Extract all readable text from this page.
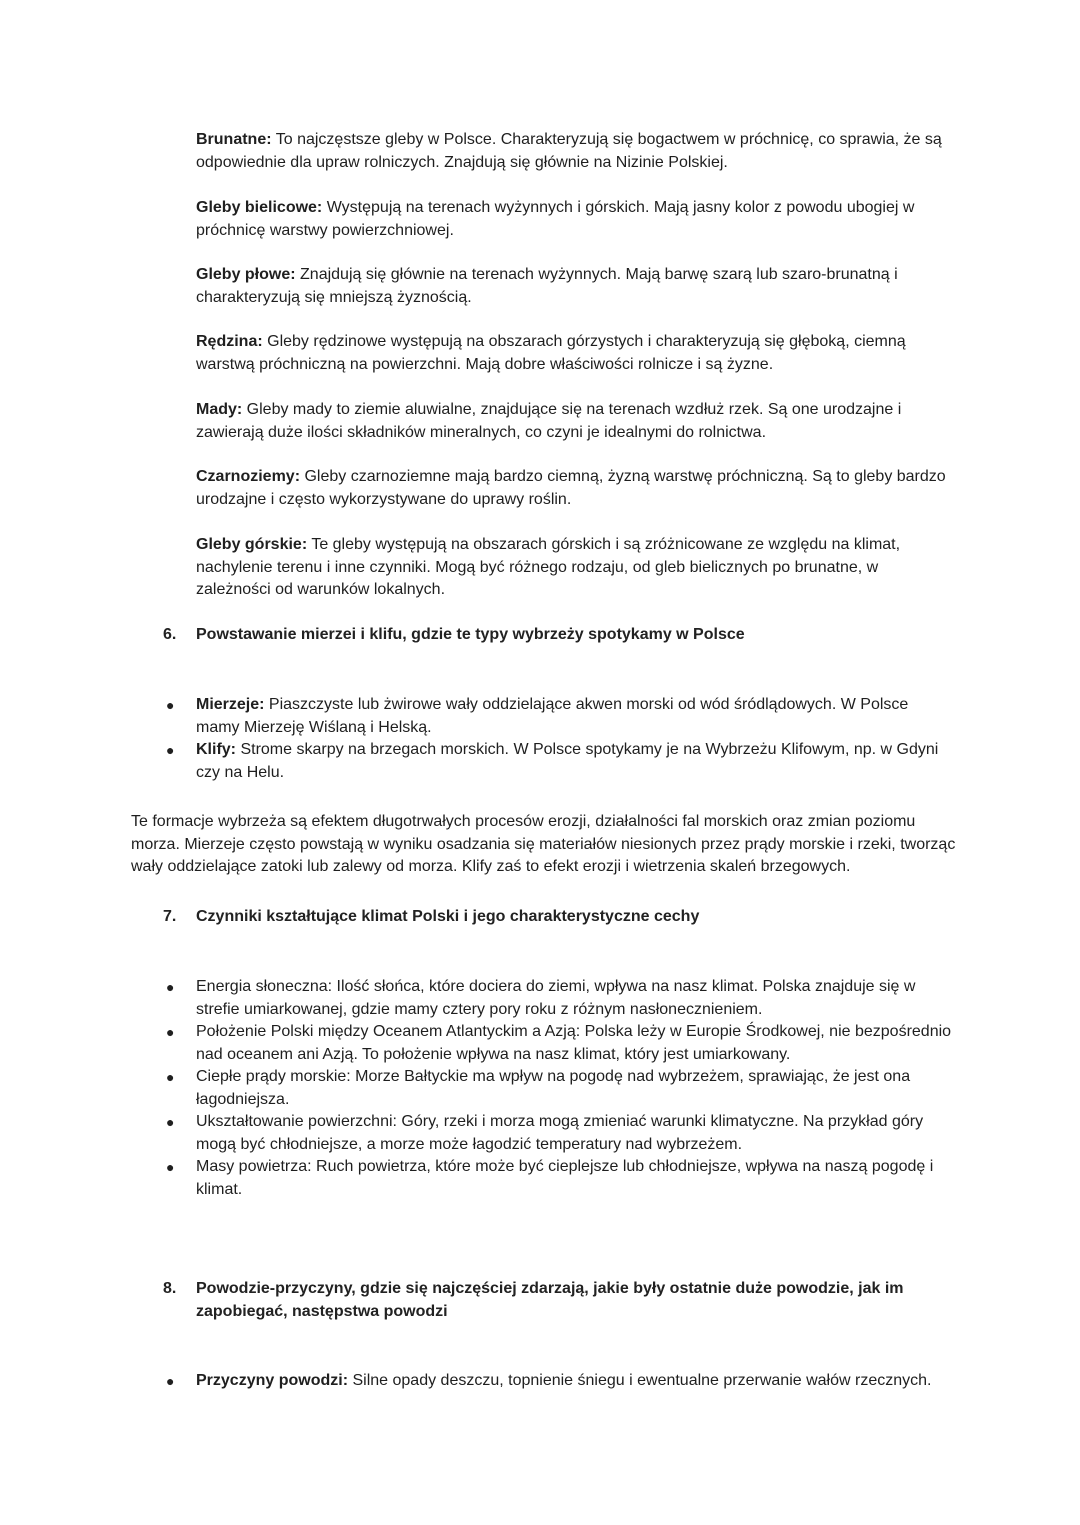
Brunatne: To najczęstsze gleby w Polsce. Charakteryzują się bogactwem w próchnicę, co sprawia, że są odpowiednie dla upraw rolniczych. Znajdują się głównie na Nizinie Polskiej.

Gleby bielicowe: Występują na terenach wyżynnych i górskich. Mają jasny kolor z powodu ubogiej w próchnicę warstwy powierzchniowej.

Gleby płowe: Znajdują się głównie na terenach wyżynnych. Mają barwę szarą lub szaro-brunatną i charakteryzują się mniejszą żyznością.

Rędzina: Gleby rędzinowe występują na obszarach górzystych i charakteryzują się głęboką, ciemną warstwą próchniczną na powierzchni. Mają dobre właściwości rolnicze i są żyzne.

Mady: Gleby mady to ziemie aluwialne, znajdujące się na terenach wzdłuż rzek. Są one urodzajne i zawierają duże ilości składników mineralnych, co czyni je idealnymi do rolnictwa.

Czarnoziemy: Gleby czarnoziemne mają bardzo ciemną, żyzną warstwę próchniczną. Są to gleby bardzo urodzajne i często wykorzystywane do uprawy roślin.

Gleby górskie: Te gleby występują na obszarach górskich i są zróżnicowane ze względu na klimat, nachylenie terenu i inne czynniki. Mogą być różnego rodzaju, od gleb bielicznych po brunatne, w zależności od warunków lokalnych.

6. Powstawanie mierzei i klifu, gdzie te typy wybrzeży spotykamy w Polsce
● Mierzeje: Piaszczyste lub żwirowe wały oddzielające akwen morski od wód śródlądowych. W Polsce mamy Mierzeję Wiślaną i Helską.
● Klify: Strome skarpy na brzegach morskich. W Polsce spotykamy je na Wybrzeżu Klifowym, np. w Gdyni czy na Helu.

Te formacje wybrzeża są efektem długotrwałych procesów erozji, działalności fal morskich oraz zmian poziomu morza. Mierzeje często powstają w wyniku osadzania się materiałów niesionych przez prądy morskie i rzeki, tworząc wały oddzielające zatoki lub zalewy od morza. Klify zaś to efekt erozji i wietrzenia skaleń brzegowych.

7. Czynniki kształtujące klimat Polski i jego charakterystyczne cechy
● Energia słoneczna: Ilość słońca, które dociera do ziemi, wpływa na nasz klimat. Polska znajduje się w strefie umiarkowanej, gdzie mamy cztery pory roku z różnym nasłonecznieniem.
● Położenie Polski między Oceanem Atlantyckim a Azją: Polska leży w Europie Środkowej, nie bezpośrednio nad oceanem ani Azją. To położenie wpływa na nasz klimat, który jest umiarkowany.
● Ciepłe prądy morskie: Morze Bałtyckie ma wpływ na pogodę nad wybrzeżem, sprawiając, że jest ona łagodniejsza.
● Ukształtowanie powierzchni: Góry, rzeki i morza mogą zmieniać warunki klimatyczne. Na przykład góry mogą być chłodniejsze, a morze może łagodzić temperatury nad wybrzeżem.
● Masy powietrza: Ruch powietrza, które może być cieplejsze lub chłodniejsze, wpływa na naszą pogodę i klimat.
8. Powodzie-przyczyny, gdzie się najczęściej zdarzają, jakie były ostatnie duże powodzie, jak im zapobiegać, następstwa powodzi
● Przyczyny powodzi: Silne opady deszczu, topnienie śniegu i ewentualne przerwanie wałów rzecznych.
